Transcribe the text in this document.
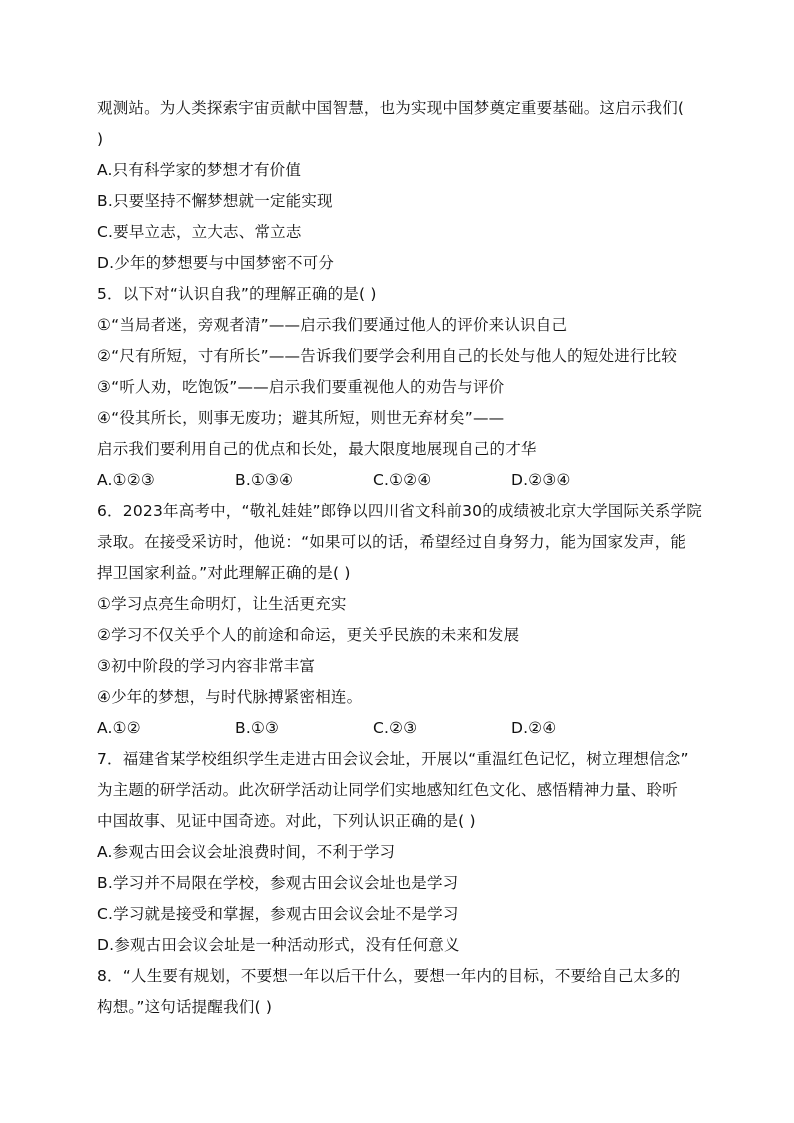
观测站。为人类探索宇宙贡献中国智慧，也为实现中国梦奠定重要基础。这启示我们(
)
A.只有科学家的梦想才有价值
B.只要坚持不懈梦想就一定能实现
C.要早立志，立大志、常立志
D.少年的梦想要与中国梦密不可分
5．以下对“认识自我”的理解正确的是( )
①“当局者迷，旁观者清”——启示我们要通过他人的评价来认识自己
②“尺有所短，寸有所长”——告诉我们要学会利用自己的长处与他人的短处进行比较
③“听人劝，吃饱饭”——启示我们要重视他人的劝告与评价
④“役其所长，则事无废功；避其所短，则世无弃材矣”——
启示我们要利用自己的优点和长处，最大限度地展现自己的才华
A.①②③	B.①③④	C.①②④	D.②③④
6．2023年高考中，“敬礼娃娃”郎铮以四川省文科前30的成绩被北京大学国际关系学院
录取。在接受采访时，他说：“如果可以的话，希望经过自身努力，能为国家发声，能
捍卫国家利益。”对此理解正确的是( )
①学习点亮生命明灯，让生活更充实
②学习不仅关乎个人的前途和命运，更关乎民族的未来和发展
③初中阶段的学习内容非常丰富
④少年的梦想，与时代脉搏紧密相连。
A.①②	B.①③	C.②③	D.②④
7．福建省某学校组织学生走进古田会议会址，开展以“重温红色记忆，树立理想信念”
为主题的研学活动。此次研学活动让同学们实地感知红色文化、感悟精神力量、聆听
中国故事、见证中国奇迹。对此，下列认识正确的是( )
A.参观古田会议会址浪费时间，不利于学习
B.学习并不局限在学校，参观古田会议会址也是学习
C.学习就是接受和掌握，参观古田会议会址不是学习
D.参观古田会议会址是一种活动形式，没有任何意义
8．“人生要有规划，不要想一年以后干什么，要想一年内的目标，不要给自己太多的
构想。”这句话提醒我们( )
